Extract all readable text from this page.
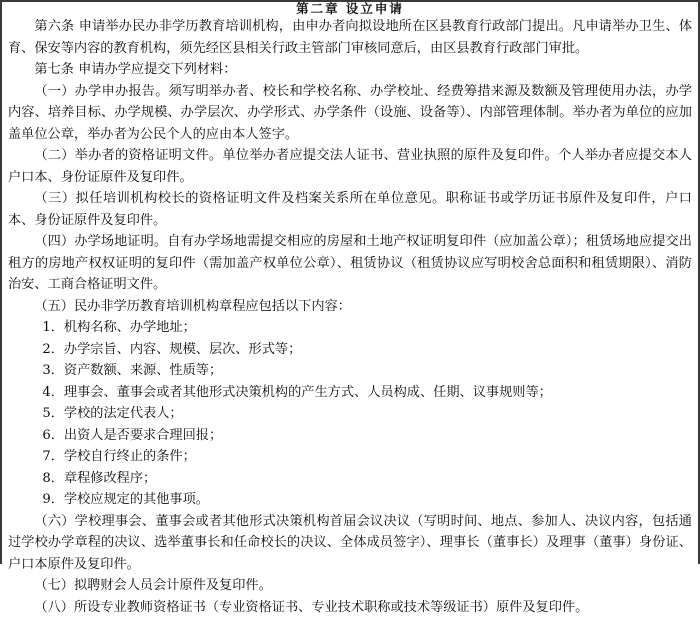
第二章 设立申请

第六条 申请举办民办非学历教育培训机构，由申办者向拟设地所在区县教育行政部门提出。凡申请举办卫生、体育、保安等内容的教育机构，须先经区县相关行政主管部门审核同意后，由区县教育行政部门审批。

第七条 申请办学应提交下列材料：

（一）办学申办报告。须写明举办者、校长和学校名称、办学校址、经费筹措来源及数额及管理使用办法，办学内容、培养目标、办学规模、办学层次、办学形式、办学条件（设施、设备等）、内部管理体制。举办者为单位的应加盖单位公章，举办者为公民个人的应由本人签字。

（二）举办者的资格证明文件。单位举办者应提交法人证书、营业执照的原件及复印件。个人举办者应提交本人户口本、身份证原件及复印件。

（三）拟任培训机构校长的资格证明文件及档案关系所在单位意见。职称证书或学历证书原件及复印件，户口本、身份证原件及复印件。

（四）办学场地证明。自有办学场地需提交相应的房屋和土地产权证明复印件（应加盖公章）；租赁场地应提交出租方的房地产权权证明的复印件（需加盖产权单位公章）、租赁协议（租赁协议应写明校舍总面积和租赁期限）、消防治安、工商合格证明文件。

（五）民办非学历教育培训机构章程应包括以下内容：

1．机构名称、办学地址；

2．办学宗旨、内容、规模、层次、形式等；

3．资产数额、来源、性质等；

4．理事会、董事会或者其他形式决策机构的产生方式、人员构成、任期、议事规则等；

5．学校的法定代表人；

6．出资人是否要求合理回报；

7．学校自行终止的条件；

8．章程修改程序；

9．学校应规定的其他事项。

（六）学校理事会、董事会或者其他形式决策机构首届会议决议（写明时间、地点、参加人、决议内容，包括通过学校办学章程的决议、选举董事长和任命校长的决议、全体成员签字）、理事长（董事长）及理事（董事）身份证、户口本原件及复印件。

（七）拟聘财会人员会计原件及复印件。

（八）所设专业教师资格证书（专业资格证书、专业技术职称或技术等级证书）原件及复印件。
